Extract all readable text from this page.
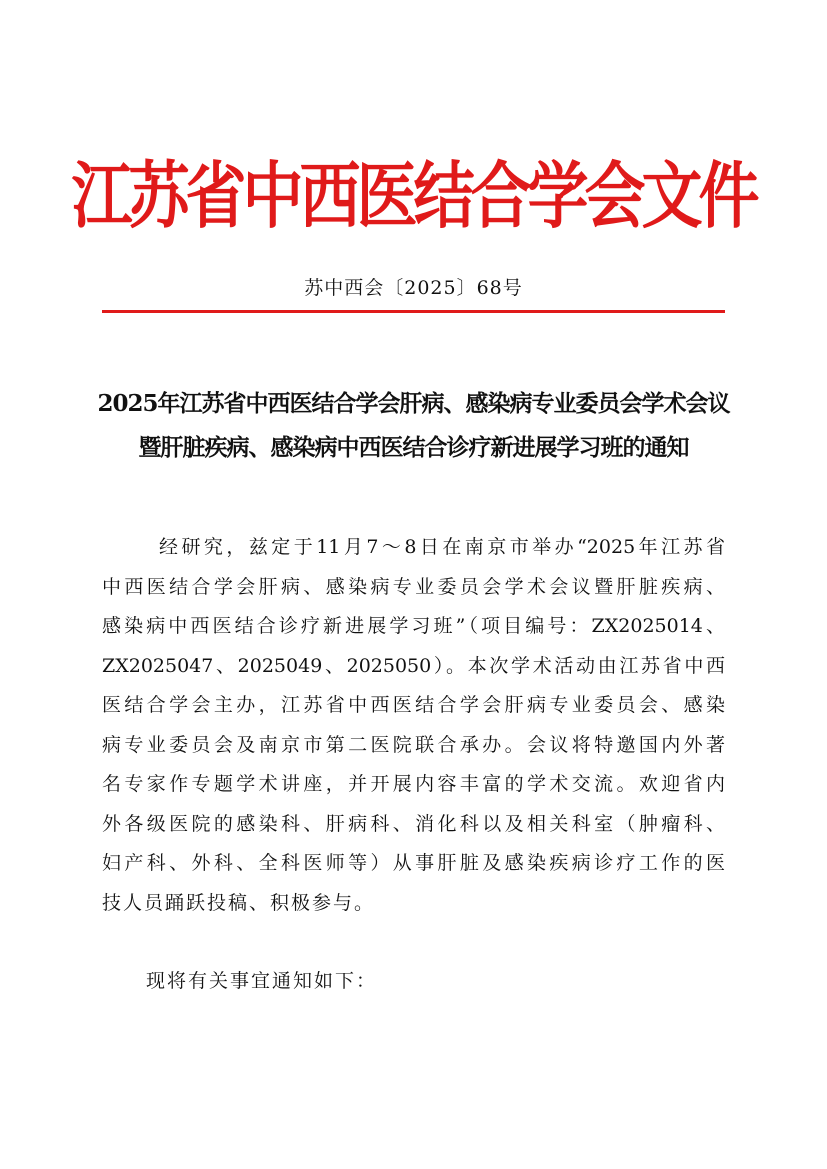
江苏省中西医结合学会文件
苏中西会〔2025〕68号
2025年江苏省中西医结合学会肝病、感染病专业委员会学术会议
暨肝脏疾病、感染病中西医结合诊疗新进展学习班的通知
经研究，兹定于11月7～8日在南京市举办“2025年江苏省
中西医结合学会肝病、感染病专业委员会学术会议暨肝脏疾病、
感染病中西医结合诊疗新进展学习班”（项目编号：ZX2025014、
ZX2025047、2025049、2025050）。本次学术活动由江苏省中西
医结合学会主办，江苏省中西医结合学会肝病专业委员会、感染
病专业委员会及南京市第二医院联合承办。会议将特邀国内外著
名专家作专题学术讲座，并开展内容丰富的学术交流。欢迎省内
外各级医院的感染科、肝病科、消化科以及相关科室（肿瘤科、
妇产科、外科、全科医师等）从事肝脏及感染疾病诊疗工作的医
技人员踊跃投稿、积极参与。
现将有关事宜通知如下：
